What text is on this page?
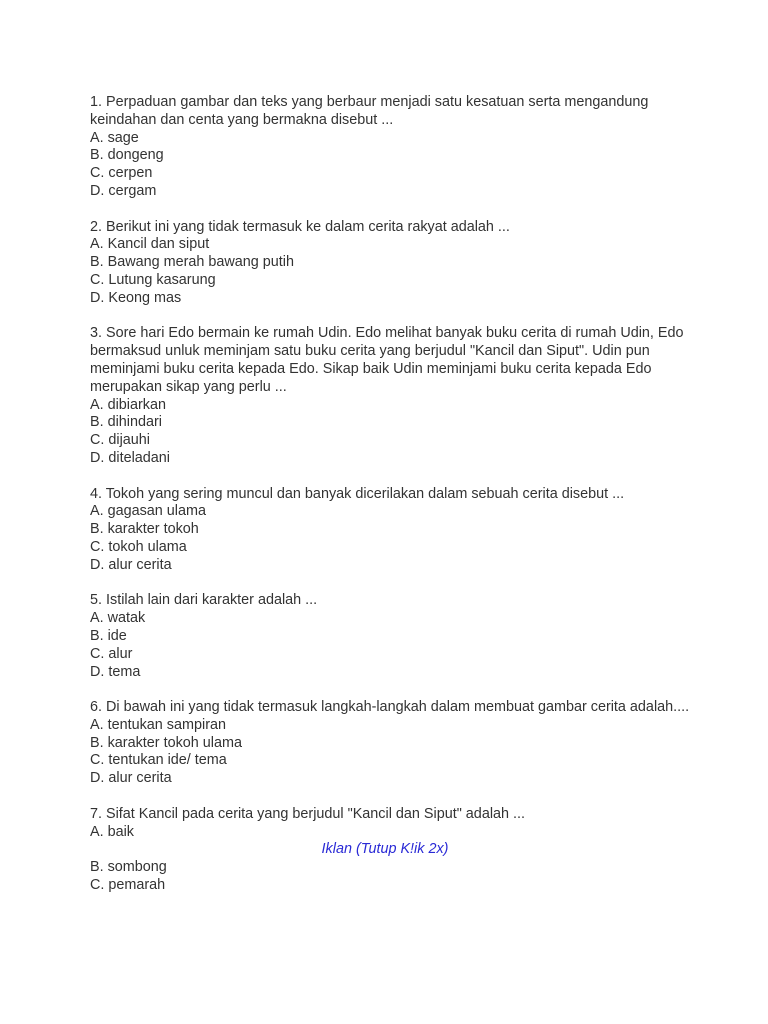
1. Perpaduan gambar dan teks yang berbaur menjadi satu kesatuan serta mengandung keindahan dan centa yang bermakna disebut ...
A. sage
B. dongeng
C. cerpen
D. cergam
2. Berikut ini yang tidak termasuk ke dalam cerita rakyat adalah ...
A. Kancil dan siput
B. Bawang merah bawang putih
C. Lutung kasarung
D. Keong mas
3. Sore hari Edo bermain ke rumah Udin. Edo melihat banyak buku cerita di rumah Udin, Edo bermaksud unluk meminjam satu buku cerita yang berjudul "Kancil dan Siput". Udin pun meminjami buku cerita kepada Edo. Sikap baik Udin meminjami buku cerita kepada Edo merupakan sikap yang perlu ...
A. dibiarkan
B. dihindari
C. dijauhi
D. diteladani
4. Tokoh yang sering muncul dan banyak dicerilakan dalam sebuah cerita disebut ...
A. gagasan ulama
B. karakter tokoh
C. tokoh ulama
D. alur cerita
5. Istilah lain dari karakter adalah ...
A. watak
B. ide
C. alur
D. tema
6. Di bawah ini yang tidak termasuk langkah-langkah dalam membuat gambar cerita adalah....
A. tentukan sampiran
B. karakter tokoh ulama
C. tentukan ide/ tema
D. alur cerita
7. Sifat Kancil pada cerita yang berjudul "Kancil dan Siput" adalah ...
A. baik
Iklan (Tutup K!ik 2x)
B. sombong
C. pemarah
